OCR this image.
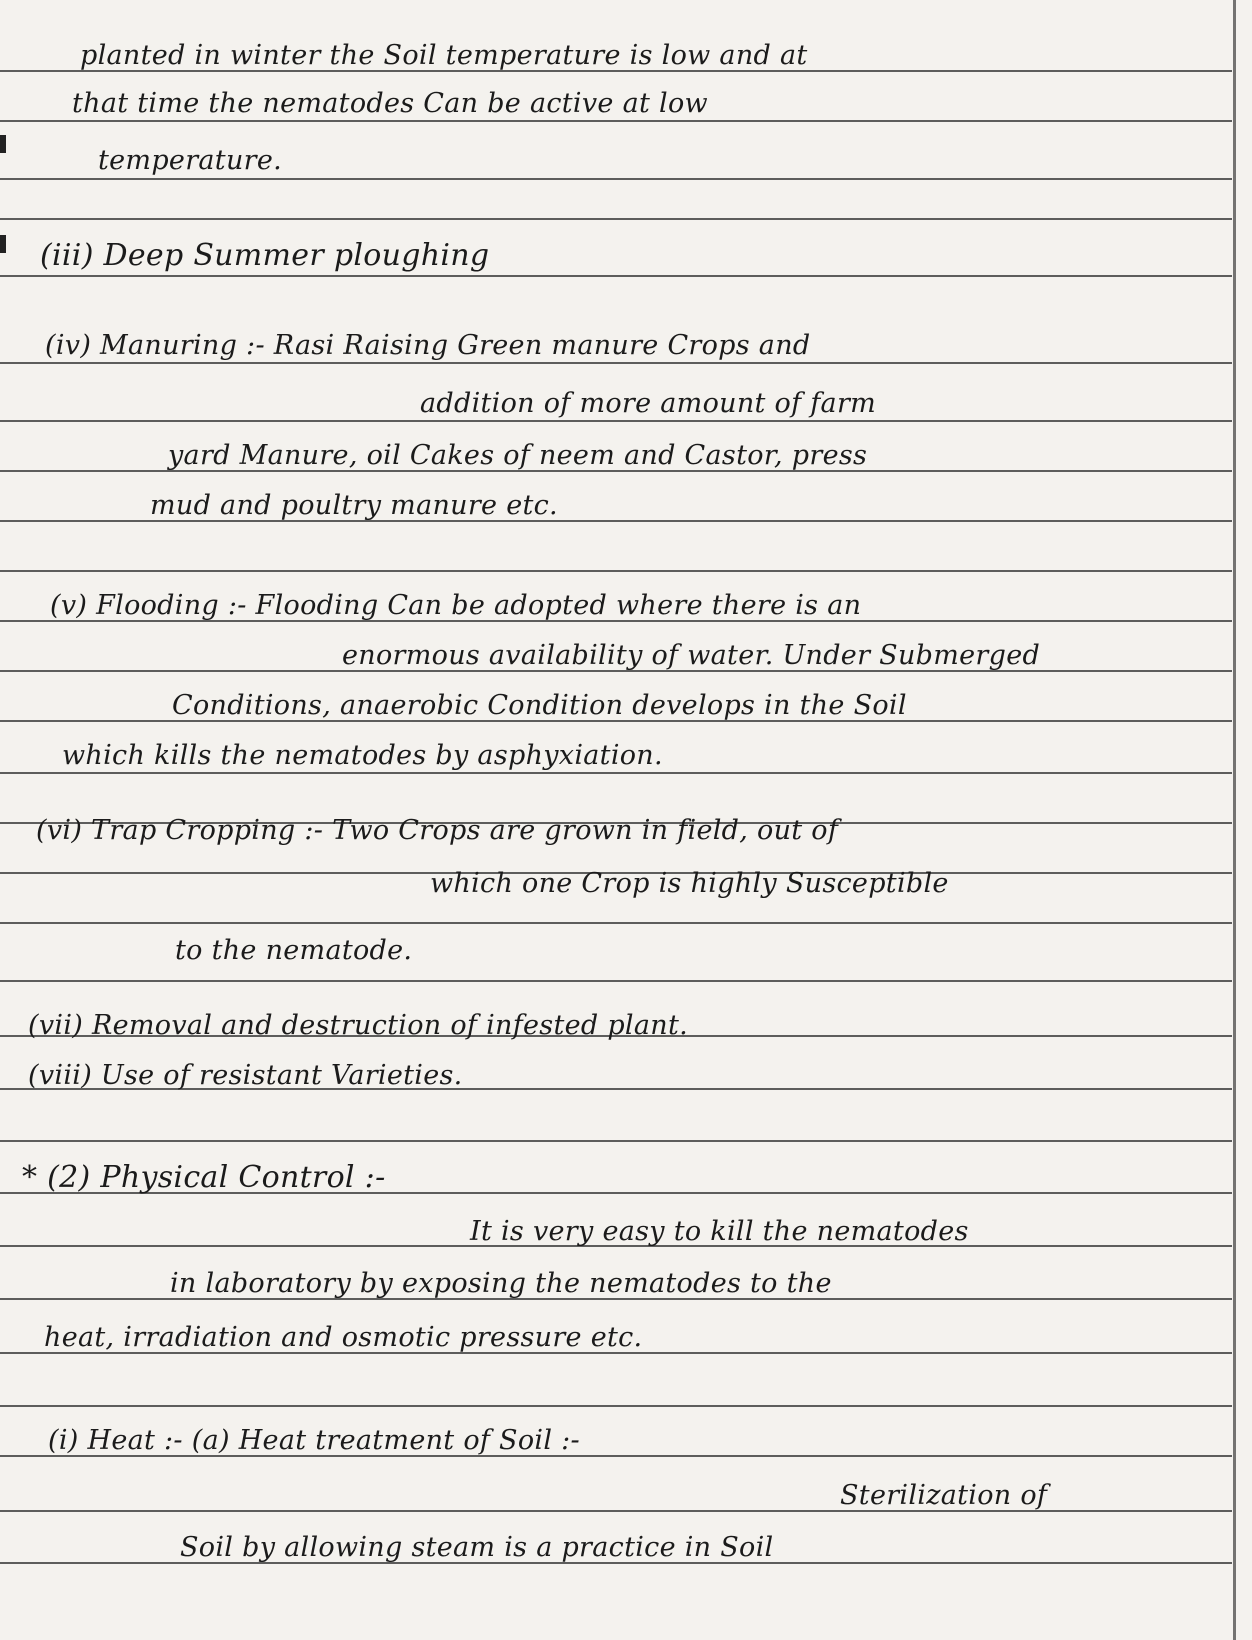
planted in winter the Soil temperature is low and at
that time the nematodes Can be active at low
temperature.
(iii) Deep Summer ploughing
(iv) Manuring :- Rasi Raising Green manure Crops and
addition of more amount of farm
yard Manure, oil Cakes of neem and Castor, press
mud and poultry manure etc.
(v) Flooding :- Flooding Can be adopted where there is an
enormous availability of water. Under Submerged
Conditions, anaerobic Condition develops in the Soil
which kills the nematodes by asphyxiation.
(vi) Trap Cropping :- Two Crops are grown in field, out of
which one Crop is highly Susceptible
to the nematode.
(vii) Removal and destruction of infested plant.
(viii) Use of resistant Varieties.
* (2) Physical Control :-
It is very easy to kill the nematodes
in laboratory by exposing the nematodes to the
heat, irradiation and osmotic pressure etc.
(i) Heat :- (a) Heat treatment of Soil :-
Sterilization of
Soil by allowing steam is a practice in Soil
